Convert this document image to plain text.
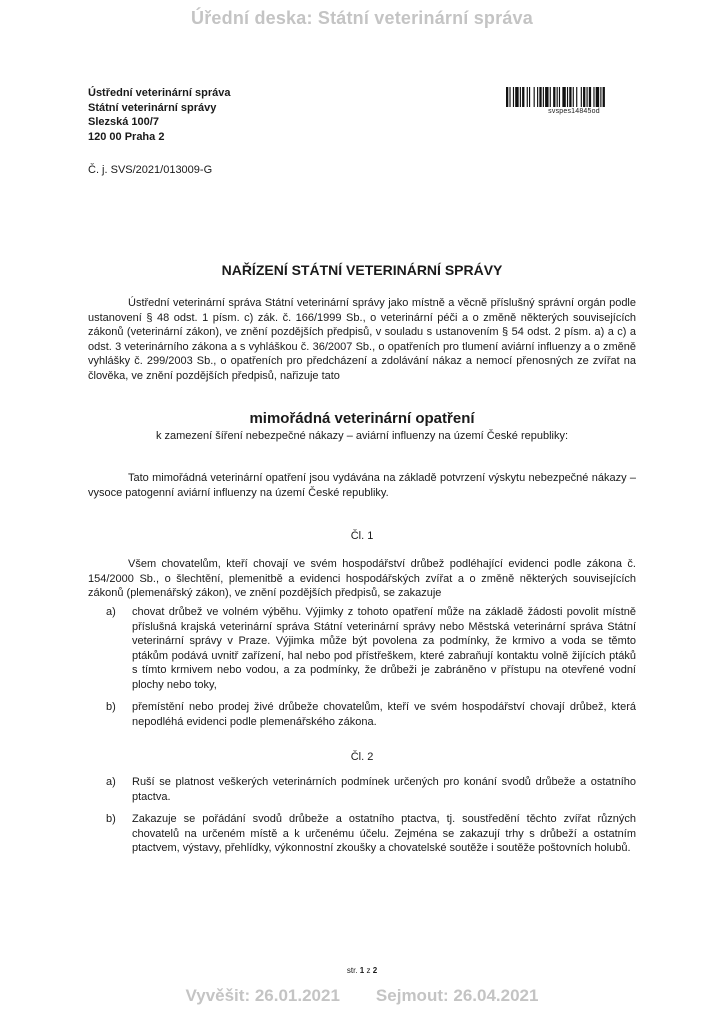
Úřední deska: Státní veterinární správa
Ústřední veterinární správa
Státní veterinární správy
Slezská 100/7
120 00 Praha 2
svspes14845od
Č. j. SVS/2021/013009-G
NAŘÍZENÍ STÁTNÍ VETERINÁRNÍ SPRÁVY
Ústřední veterinární správa Státní veterinární správy jako místně a věcně příslušný správní orgán podle ustanovení § 48 odst. 1 písm. c) zák. č. 166/1999 Sb., o veterinární péči a o změně některých souvisejících zákonů (veterinární zákon), ve znění pozdějších předpisů, v souladu s ustanovením § 54 odst. 2 písm. a) a c) a odst. 3 veterinárního zákona a s vyhláškou č. 36/2007 Sb., o opatřeních pro tlumení aviární influenzy a o změně vyhlášky č. 299/2003 Sb., o opatřeních pro předcházení a zdolávání nákaz a nemocí přenosných ze zvířat na člověka, ve znění pozdějších předpisů, nařizuje tato
mimořádná veterinární opatření
k zamezení šíření nebezpečné nákazy – aviární influenzy na území České republiky:
Tato mimořádná veterinární opatření jsou vydávána na základě potvrzení výskytu nebezpečné nákazy – vysoce patogenní aviární influenzy na území České republiky.
Čl. 1
Všem chovatelům, kteří chovají ve svém hospodářství drůbež podléhající evidenci podle zákona č. 154/2000 Sb., o šlechtění, plemenitbě a evidenci hospodářských zvířat a o změně některých souvisejících zákonů (plemenářský zákon), ve znění pozdějších předpisů, se zakazuje
a) chovat drůbež ve volném výběhu. Výjimky z tohoto opatření může na základě žádosti povolit místně příslušná krajská veterinární správa Státní veterinární správy nebo Městská veterinární správa Státní veterinární správy v Praze. Výjimka může být povolena za podmínky, že krmivo a voda se těmto ptákům podává uvnitř zařízení, hal nebo pod přístřeškem, které zabraňují kontaktu volně žijících ptáků s tímto krmivem nebo vodou, a za podmínky, že drůbeži je zabráněno v přístupu na otevřené vodní plochy nebo toky,
b) přemístění nebo prodej živé drůbeže chovatelům, kteří ve svém hospodářství chovají drůbež, která nepodléhá evidenci podle plemenářského zákona.
Čl. 2
a) Ruší se platnost veškerých veterinárních podmínek určených pro konání svodů drůbeže a ostatního ptactva.
b) Zakazuje se pořádání svodů drůbeže a ostatního ptactva, tj. soustředění těchto zvířat různých chovatelů na určeném místě a k určenému účelu. Zejména se zakazují trhy s drůbeží a ostatním ptactvem, výstavy, přehlídky, výkonnostní zkoušky a chovatelské soutěže i soutěže poštovních holubů.
str. 1 z 2
Vyvěšit: 26.01.2021 Sejmout: 26.04.2021
